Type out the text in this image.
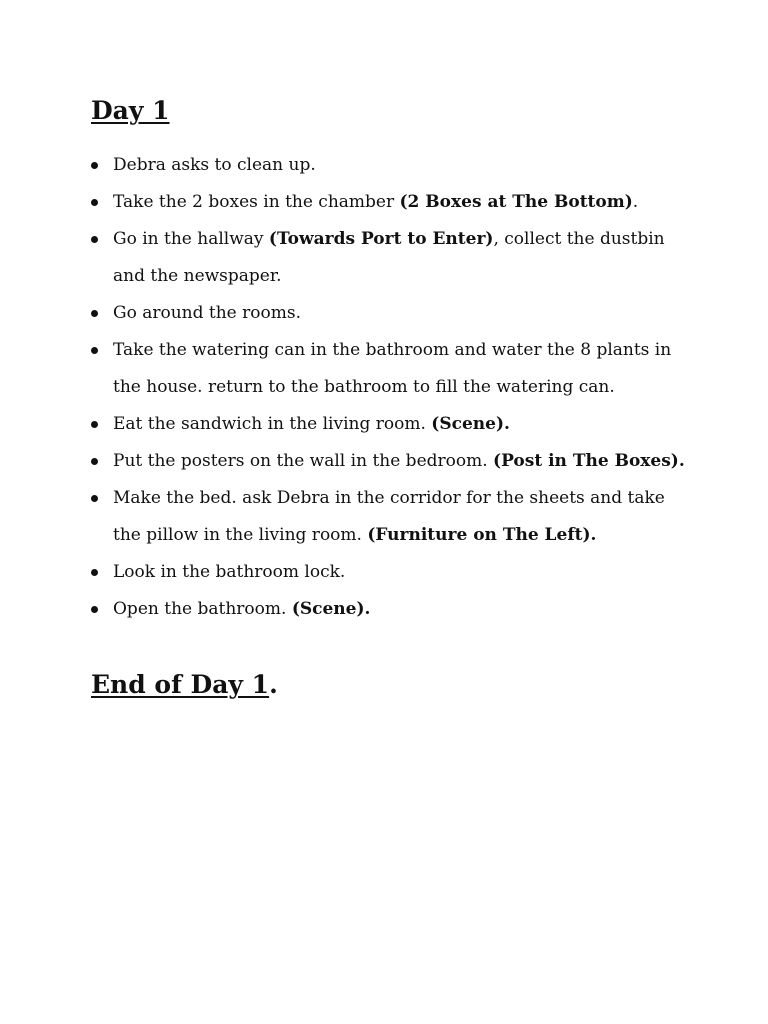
Day 1
Debra asks to clean up.
Take the 2 boxes in the chamber (2 Boxes at The Bottom).
Go in the hallway (Towards Port to Enter), collect the dustbin
and the newspaper.
Go around the rooms.
Take the watering can in the bathroom and water the 8 plants in
the house. return to the bathroom to fill the watering can.
Eat the sandwich in the living room. (Scene).
Put the posters on the wall in the bedroom. (Post in The Boxes).
Make the bed. ask Debra in the corridor for the sheets and take
the pillow in the living room. (Furniture on The Left).
Look in the bathroom lock.
Open the bathroom. (Scene).
End of Day 1.
